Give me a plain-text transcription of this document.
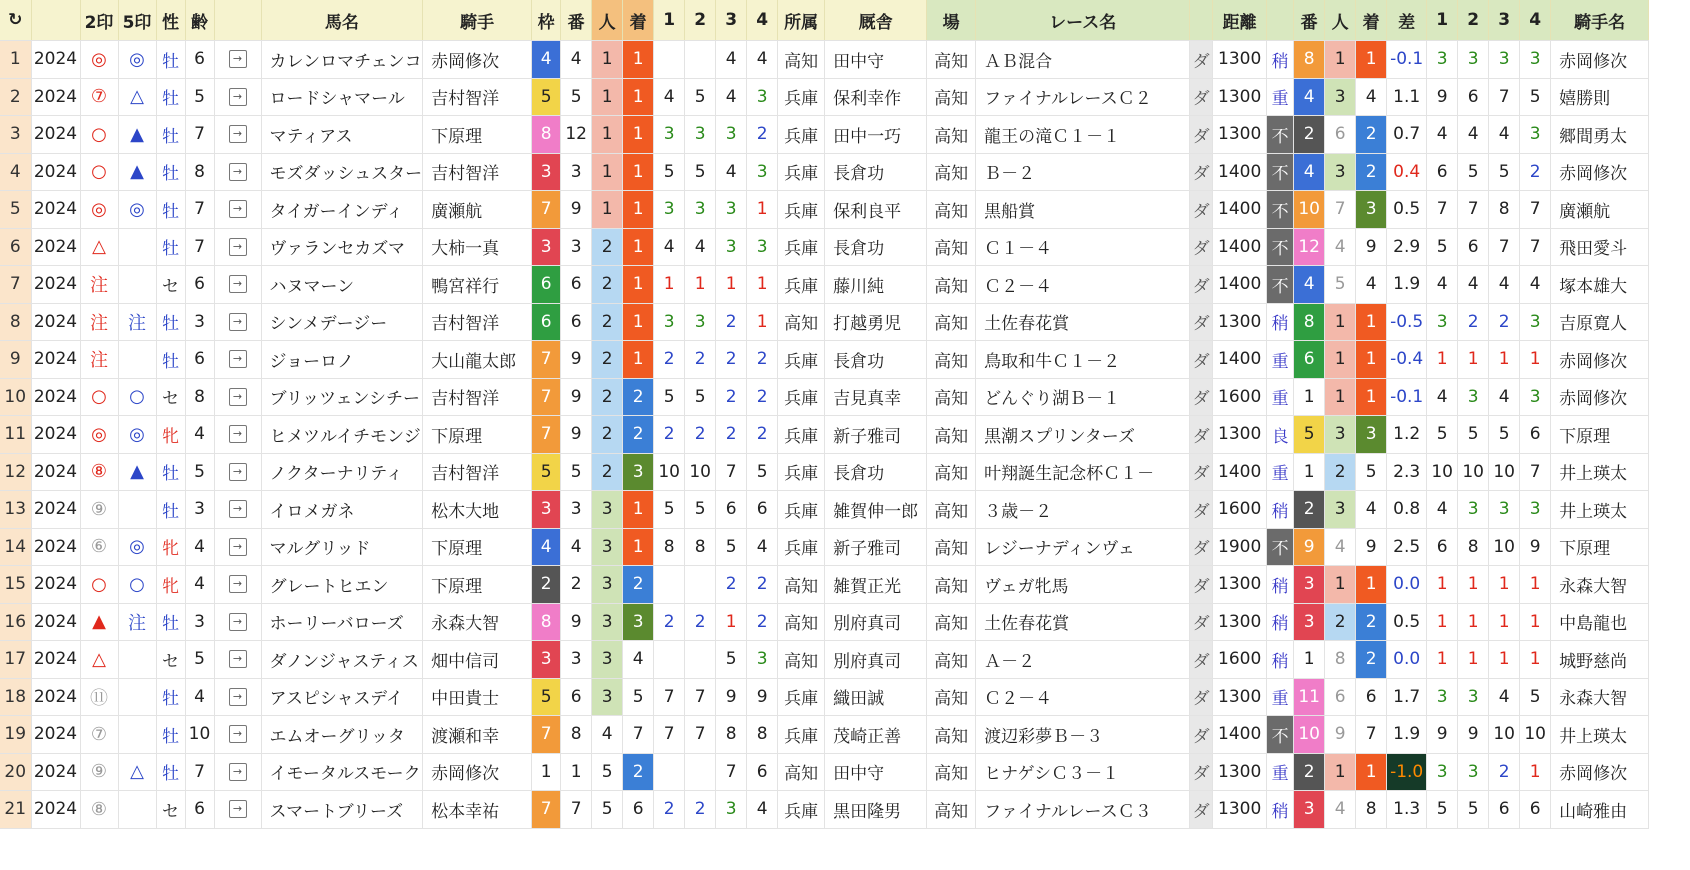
↻		2印	5印	性	齢		馬名	騎手	枠	番	人	着	1	2	3	4	所属	厩舎	場	レース名		距離		番	人	着	差	1	2	3	4	騎手名
1	2024	◎	◎	牡	6	→	カレンロマチェンコ	赤岡修次	4	4	1	1			4	4	高知	田中守	高知	ＡＢ混合	ダ	1300	稍	8	1	1	-0.1	3	3	3	3	赤岡修次
2	2024	⑦	△	牡	5	→	ロードシャマール	吉村智洋	5	5	1	1	4	5	4	3	兵庫	保利幸作	高知	ファイナルレースＣ２	ダ	1300	重	4	3	4	1.1	9	6	7	5	嬉勝則
3	2024	○	▲	牡	7	→	マティアス	下原理	8	12	1	1	3	3	3	2	兵庫	田中一巧	高知	龍王の滝Ｃ１－１	ダ	1300	不	2	6	2	0.7	4	4	4	3	郷間勇太
4	2024	○	▲	牡	8	→	モズダッシュスター	吉村智洋	3	3	1	1	5	5	4	3	兵庫	長倉功	高知	Ｂ－２	ダ	1400	不	4	3	2	0.4	6	5	5	2	赤岡修次
5	2024	◎	◎	牡	7	→	タイガーインディ	廣瀬航	7	9	1	1	3	3	3	1	兵庫	保利良平	高知	黒船賞	ダ	1400	不	10	7	3	0.5	7	7	8	7	廣瀬航
6	2024	△		牡	7	→	ヴァランセカズマ	大柿一真	3	3	2	1	4	4	3	3	兵庫	長倉功	高知	Ｃ１－４	ダ	1400	不	12	4	9	2.9	5	6	7	7	飛田愛斗
7	2024	注		セ	6	→	ハヌマーン	鴨宮祥行	6	6	2	1	1	1	1	1	兵庫	藤川純	高知	Ｃ２－４	ダ	1400	不	4	5	4	1.9	4	4	4	4	塚本雄大
8	2024	注	注	牡	3	→	シンメデージー	吉村智洋	6	6	2	1	3	3	2	1	高知	打越勇児	高知	土佐春花賞	ダ	1300	稍	8	1	1	-0.5	3	2	2	3	吉原寛人
9	2024	注		牡	6	→	ジョーロノ	大山龍太郎	7	9	2	1	2	2	2	2	兵庫	長倉功	高知	鳥取和牛Ｃ１－２	ダ	1400	重	6	1	1	-0.4	1	1	1	1	赤岡修次
10	2024	○	○	セ	8	→	ブリッツェンシチー	吉村智洋	7	9	2	2	5	5	2	2	兵庫	吉見真幸	高知	どんぐり湖Ｂ－１	ダ	1600	重	1	1	1	-0.1	4	3	4	3	赤岡修次
11	2024	◎	◎	牝	4	→	ヒメツルイチモンジ	下原理	7	9	2	2	2	2	2	2	兵庫	新子雅司	高知	黒潮スプリンターズ	ダ	1300	良	5	3	3	1.2	5	5	5	6	下原理
12	2024	⑧	▲	牡	5	→	ノクターナリティ	吉村智洋	5	5	2	3	10	10	7	5	兵庫	長倉功	高知	叶翔誕生記念杯Ｃ１－	ダ	1400	重	1	2	5	2.3	10	10	10	7	井上瑛太
13	2024	⑨		牡	3	→	イロメガネ	松木大地	3	3	3	1	5	5	6	6	兵庫	雑賀伸一郎	高知	３歳－２	ダ	1600	稍	2	3	4	0.8	4	3	3	3	井上瑛太
14	2024	⑥	◎	牝	4	→	マルグリッド	下原理	4	4	3	1	8	8	5	4	兵庫	新子雅司	高知	レジーナディンヴェ	ダ	1900	不	9	4	9	2.5	6	8	10	9	下原理
15	2024	○	○	牝	4	→	グレートヒエン	下原理	2	2	3	2			2	2	高知	雑賀正光	高知	ヴェガ牝馬	ダ	1300	稍	3	1	1	0.0	1	1	1	1	永森大智
16	2024	▲	注	牡	3	→	ホーリーバローズ	永森大智	8	9	3	3	2	2	1	2	高知	別府真司	高知	土佐春花賞	ダ	1300	稍	3	2	2	0.5	1	1	1	1	中島龍也
17	2024	△		セ	5	→	ダノンジャスティス	畑中信司	3	3	3	4			5	3	高知	別府真司	高知	Ａ－２	ダ	1600	稍	1	8	2	0.0	1	1	1	1	城野慈尚
18	2024	⑪		牡	4	→	アスピシャスデイ	中田貴士	5	6	3	5	7	7	9	9	兵庫	織田誠	高知	Ｃ２－４	ダ	1300	重	11	6	6	1.7	3	3	4	5	永森大智
19	2024	⑦		牡	10	→	エムオーグリッタ	渡瀬和幸	7	8	4	7	7	7	8	8	兵庫	茂崎正善	高知	渡辺彩夢Ｂ－３	ダ	1400	不	10	9	7	1.9	9	9	10	10	井上瑛太
20	2024	⑨	△	牡	7	→	イモータルスモーク	赤岡修次	1	1	5	2			7	6	高知	田中守	高知	ヒナゲシＣ３－１	ダ	1300	重	2	1	1	-1.0	3	3	2	1	赤岡修次
21	2024	⑧		セ	6	→	スマートブリーズ	松本幸祐	7	7	5	6	2	2	3	4	兵庫	黒田隆男	高知	ファイナルレースＣ３	ダ	1300	稍	3	4	8	1.3	5	5	6	6	山崎雅由
